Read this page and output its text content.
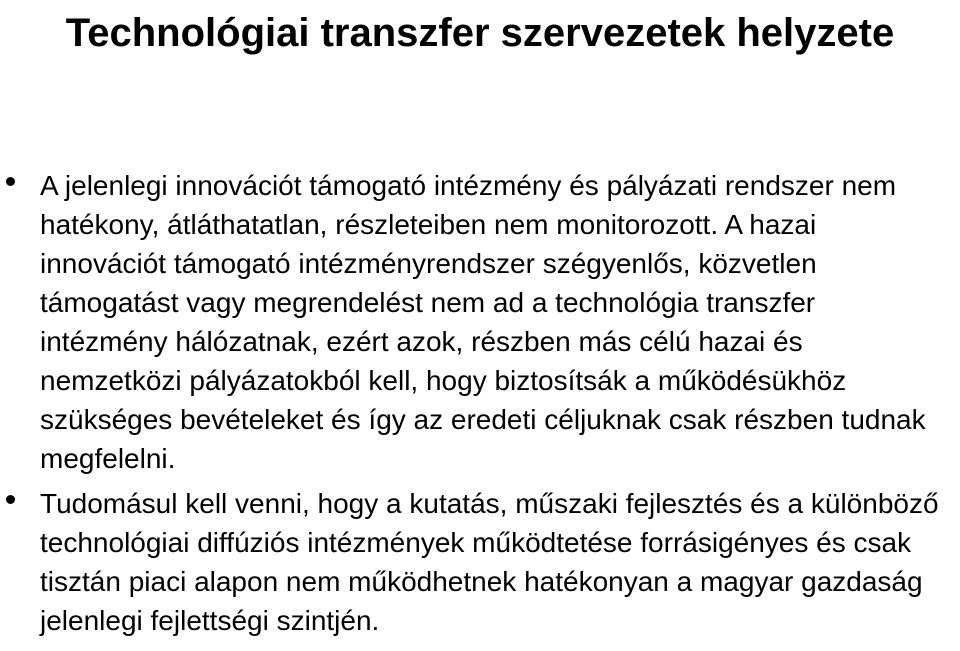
Technológiai transzfer szervezetek helyzete
A jelenlegi innovációt támogató intézmény és pályázati rendszer nem hatékony, átláthatatlan, részleteiben nem monitorozott. A hazai innovációt támogató intézményrendszer szégyenlős, közvetlen támogatást vagy megrendelést nem ad a technológia transzfer intézmény hálózatnak, ezért azok, részben más célú hazai és nemzetközi pályázatokból kell, hogy biztosítsák a működésükhöz szükséges bevételeket és így az eredeti céljuknak csak részben tudnak megfelelni.
Tudomásul kell venni, hogy a kutatás, műszaki fejlesztés és a különböző technológiai diffúziós intézmények működtetése forrásigényes és csak tisztán piaci alapon nem működhetnek hatékonyan a magyar gazdaság jelenlegi fejlettségi szintjén.
